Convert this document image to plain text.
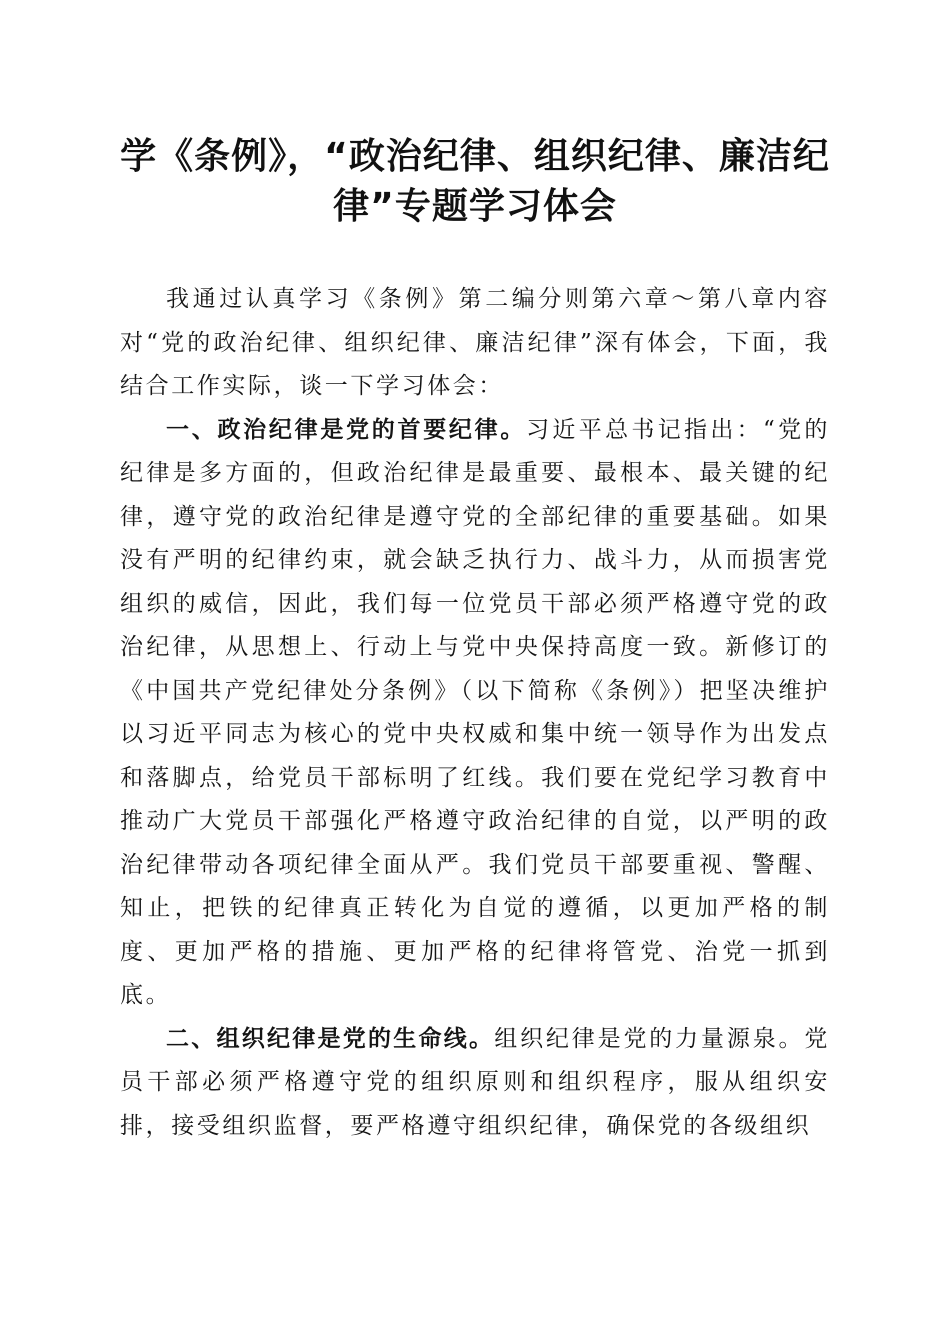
学《条例》，“政治纪律、组织纪律、廉洁纪
律”专题学习体会

我通过认真学习《条例》第二编分则第六章～第八章内容对“党的政治纪律、组织纪律、廉洁纪律”深有体会，下面，我结合工作实际，谈一下学习体会：

一、政治纪律是党的首要纪律。习近平总书记指出：“党的纪律是多方面的，但政治纪律是最重要、最根本、最关键的纪律，遵守党的政治纪律是遵守党的全部纪律的重要基础。如果没有严明的纪律约束，就会缺乏执行力、战斗力，从而损害党组织的威信，因此，我们每一位党员干部必须严格遵守党的政治纪律，从思想上、行动上与党中央保持高度一致。新修订的《中国共产党纪律处分条例》（以下简称《条例》）把坚决维护以习近平同志为核心的党中央权威和集中统一领导作为出发点和落脚点，给党员干部标明了红线。我们要在党纪学习教育中推动广大党员干部强化严格遵守政治纪律的自觉，以严明的政治纪律带动各项纪律全面从严。我们党员干部要重视、警醒、知止，把铁的纪律真正转化为自觉的遵循，以更加严格的制度、更加严格的措施、更加严格的纪律将管党、治党一抓到底。

二、组织纪律是党的生命线。组织纪律是党的力量源泉。党员干部必须严格遵守党的组织原则和组织程序，服从组织安排，接受组织监督，要严格遵守组织纪律，确保党的各级组织
